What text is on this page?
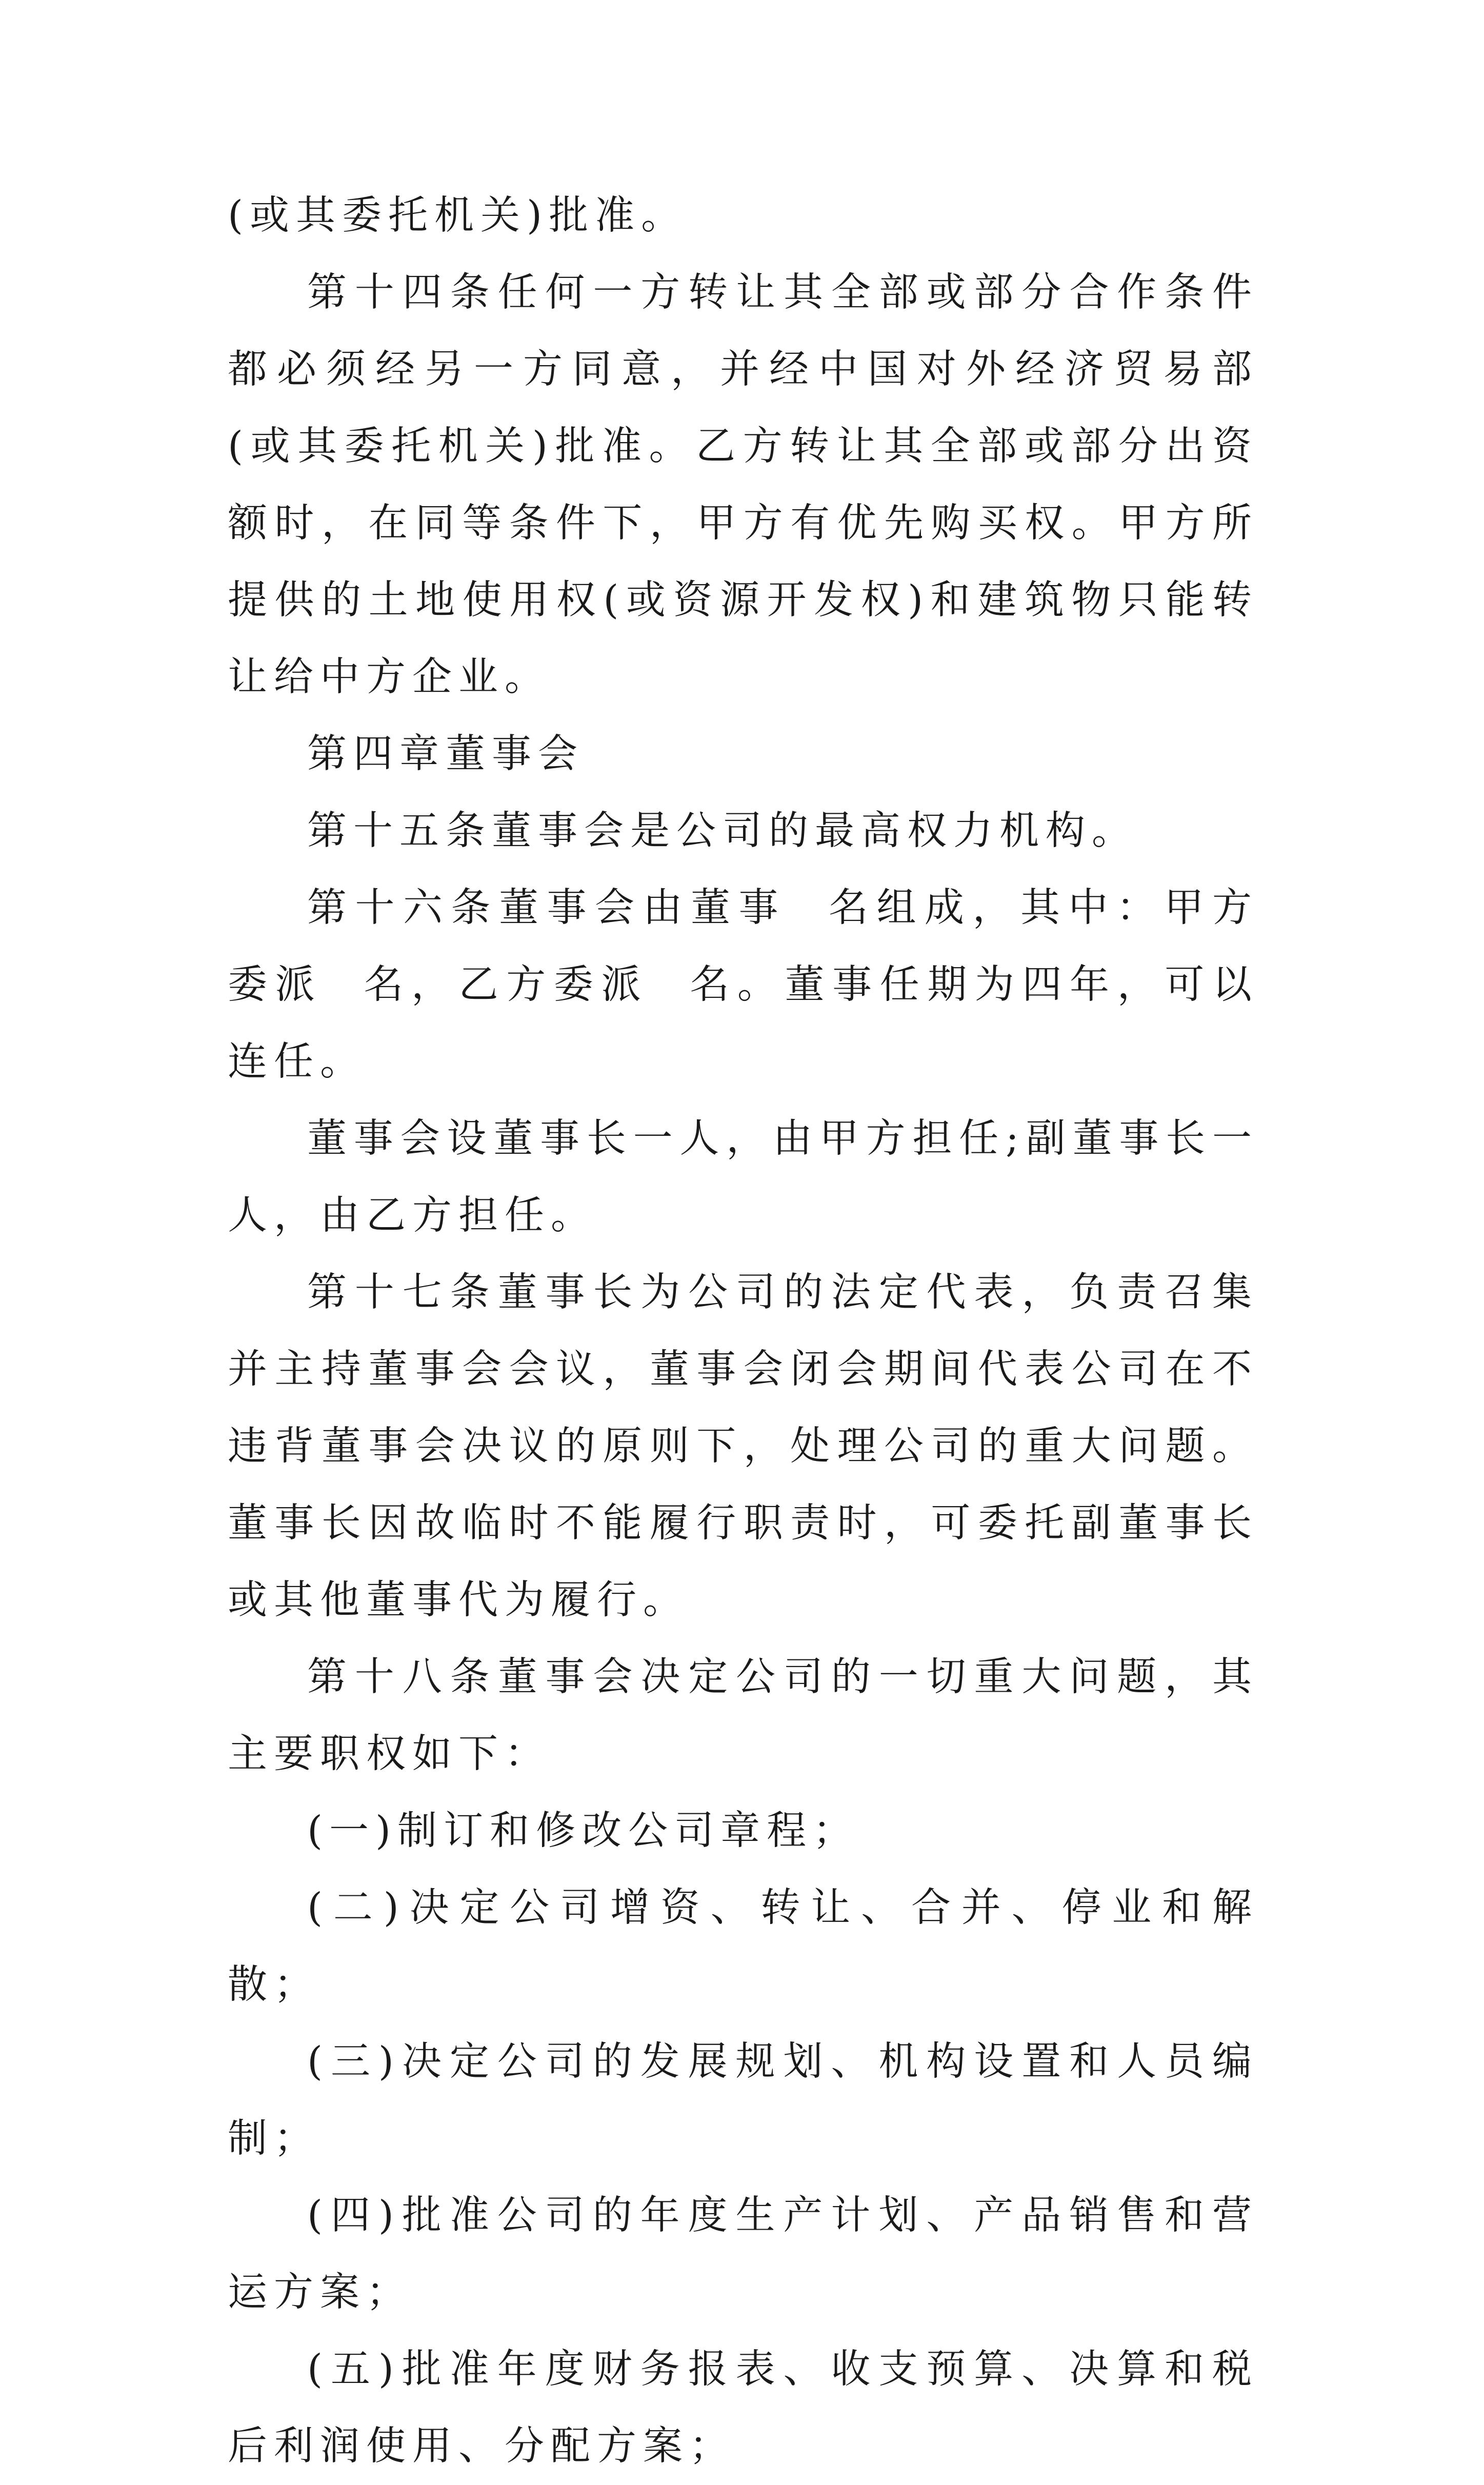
(或其委托机关)批准。

第十四条任何一方转让其全部或部分合作条件都必须经另一方同意，并经中国对外经济贸易部(或其委托机关)批准。乙方转让其全部或部分出资额时，在同等条件下，甲方有优先购买权。甲方所提供的土地使用权(或资源开发权)和建筑物只能转让给中方企业。

第四章董事会

第十五条董事会是公司的最高权力机构。

第十六条董事会由董事  名组成，其中：甲方委派  名，乙方委派  名。董事任期为四年，可以连任。

董事会设董事长一人，由甲方担任;副董事长一人，由乙方担任。

第十七条董事长为公司的法定代表，负责召集并主持董事会会议，董事会闭会期间代表公司在不违背董事会决议的原则下，处理公司的重大问题。董事长因故临时不能履行职责时，可委托副董事长或其他董事代为履行。

第十八条董事会决定公司的一切重大问题，其主要职权如下：

(一)制订和修改公司章程；

(二)决定公司增资、转让、合并、停业和解散；

(三)决定公司的发展规划、机构设置和人员编制；

(四)批准公司的年度生产计划、产品销售和营运方案；

(五)批准年度财务报表、收支预算、决算和税后利润使用、分配方案；
